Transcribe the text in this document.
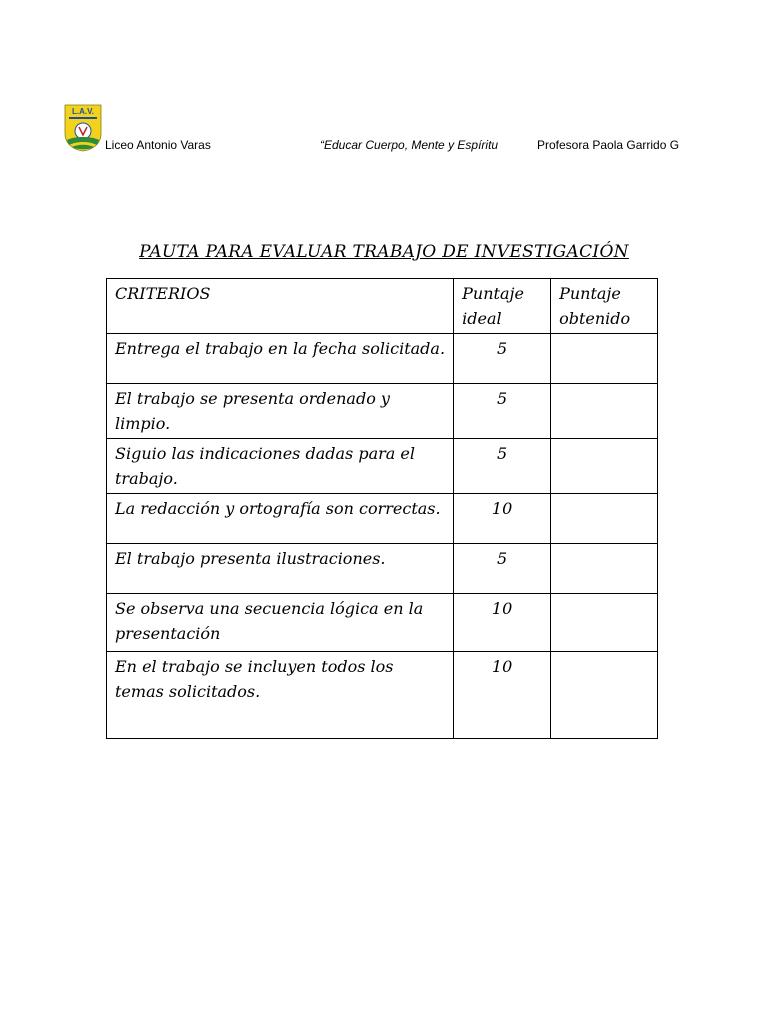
L.A.V.
Liceo Antonio Varas	“Educar Cuerpo, Mente y Espíritu	Profesora Paola Garrido G
PAUTA PARA EVALUAR TRABAJO DE INVESTIGACIÓN
CRITERIOS	Puntaje ideal	Puntaje obtenido
Entrega el trabajo en la fecha solicitada.	5	
El trabajo se presenta ordenado y limpio.	5	
Siguio las indicaciones dadas para el trabajo.	5	
La redacción y ortografía son correctas.	10	
El trabajo presenta ilustraciones.	5	
Se observa una secuencia lógica en la presentación	10	
En el trabajo se incluyen todos los temas solicitados.	10	
